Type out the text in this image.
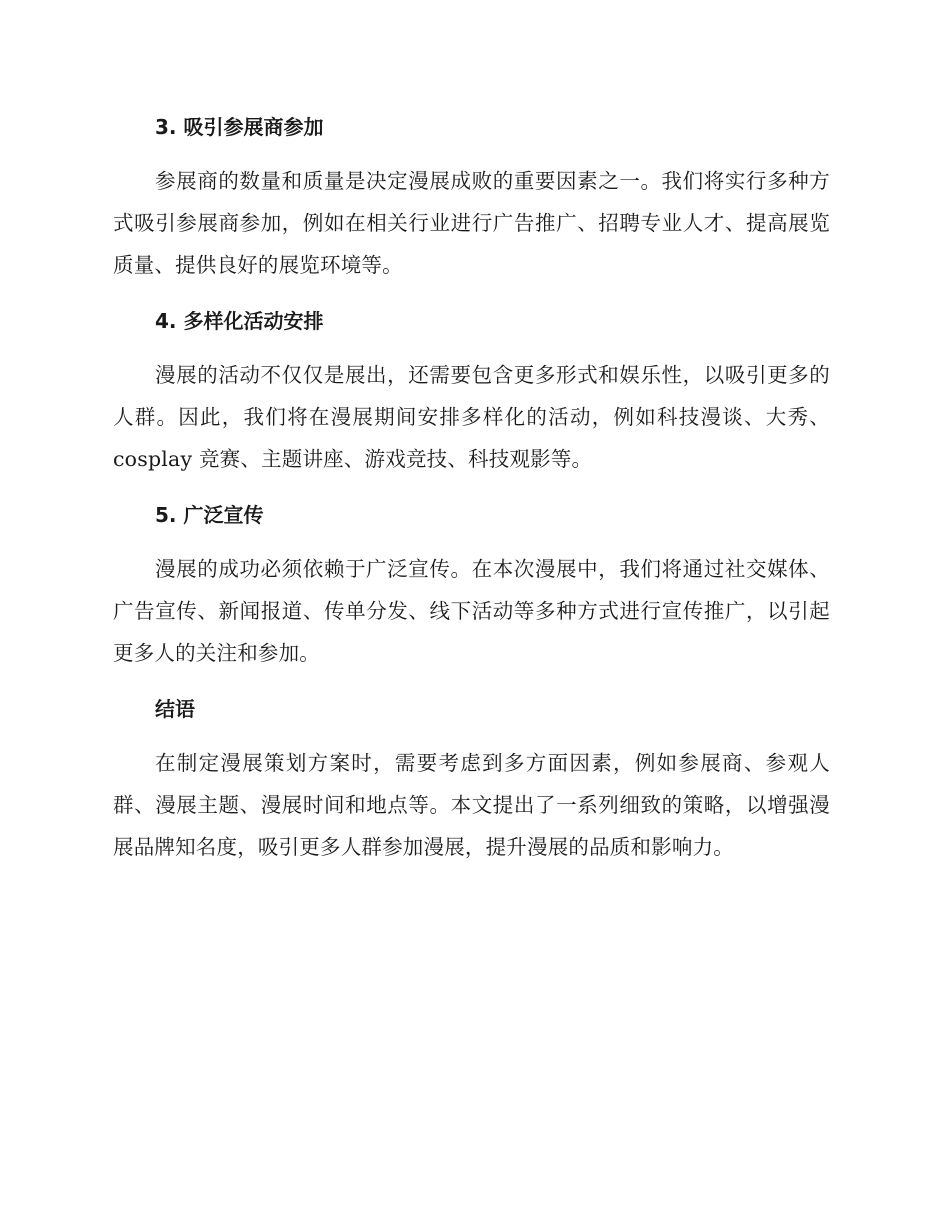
3. 吸引参展商参加

参展商的数量和质量是决定漫展成败的重要因素之一。我们将实行多种方式吸引参展商参加，例如在相关行业进行广告推广、招聘专业人才、提高展览质量、提供良好的展览环境等。

4. 多样化活动安排

漫展的活动不仅仅是展出，还需要包含更多形式和娱乐性，以吸引更多的人群。因此，我们将在漫展期间安排多样化的活动，例如科技漫谈、大秀、cosplay 竞赛、主题讲座、游戏竞技、科技观影等。

5. 广泛宣传

漫展的成功必须依赖于广泛宣传。在本次漫展中，我们将通过社交媒体、广告宣传、新闻报道、传单分发、线下活动等多种方式进行宣传推广，以引起更多人的关注和参加。

结语

在制定漫展策划方案时，需要考虑到多方面因素，例如参展商、参观人群、漫展主题、漫展时间和地点等。本文提出了一系列细致的策略，以增强漫展品牌知名度，吸引更多人群参加漫展，提升漫展的品质和影响力。
